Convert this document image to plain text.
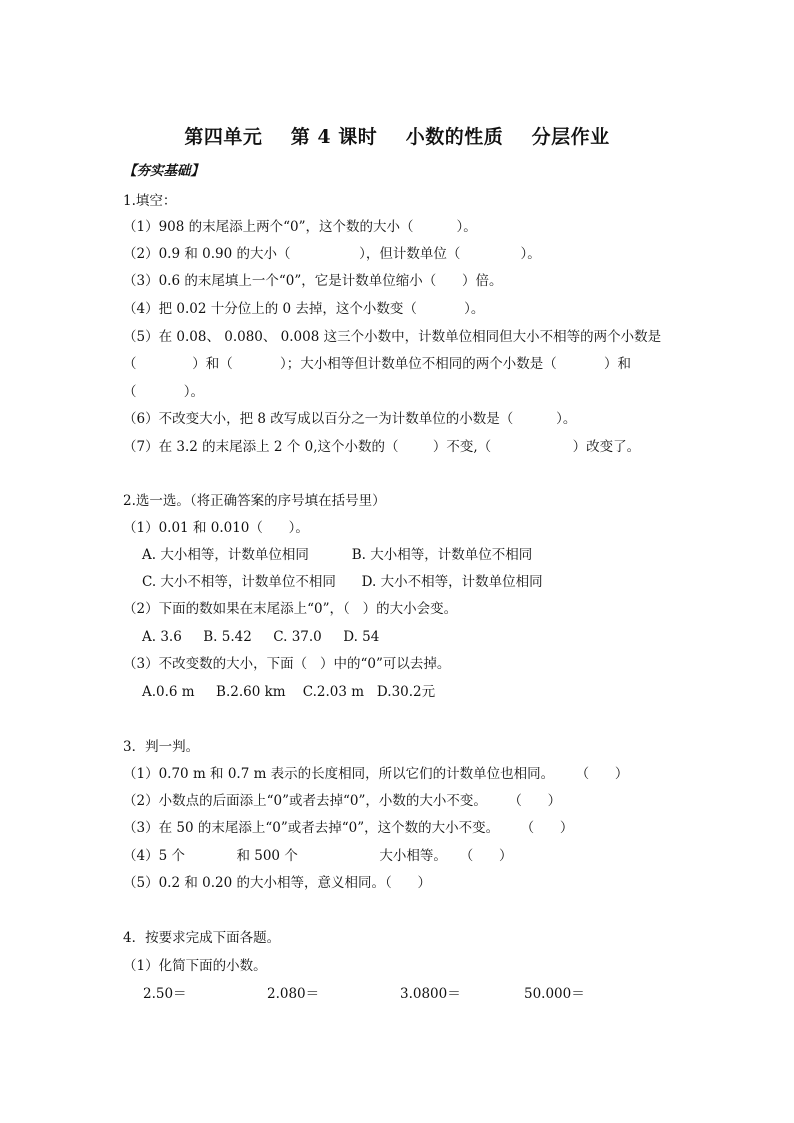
第四单元    第 4 课时    小数的性质    分层作业
【夯实基础】
1.填空：
（1）908 的末尾添上两个“0”，这个数的大小（          ）。
（2）0.9 和 0.90 的大小（                ），但计数单位（              ）。
（3）0.6 的末尾填上一个“0”，它是计数单位缩小（      ）倍。
（4）把 0.02 十分位上的 0 去掉，这个小数变（           ）。
（5）在 0.08、 0.080、 0.008 这三个小数中，计数单位相同但大小不相等的两个小数是
（             ）和（           ）；大小相等但计数单位不相同的两个小数是（           ）和
（           ）。
（6）不改变大小，把 8 改写成以百分之一为计数单位的小数是（          ）。
（7）在 3.2 的末尾添上 2 个 0,这个小数的（        ）不变,（                   ）改变了。
2.选一选。（将正确答案的序号填在括号里）
（1）0.01 和 0.010（      ）。
A. 大小相等，计数单位相同          B. 大小相等，计数单位不相同
C. 大小不相等，计数单位不相同      D. 大小不相等，计数单位相同
（2）下面的数如果在末尾添上“0”，（   ）的大小会变。
A. 3.6     B. 5.42     C. 37.0     D. 54
（3）不改变数的大小，下面（   ）中的“0”可以去掉。
A.0.6 m     B.2.60 km    C.2.03 m   D.30.2元
3．判一判。
（1）0.70 m 和 0.7 m 表示的长度相同，所以它们的计数单位也相同。     （      ）
（2）小数点的后面添上“0”或者去掉“0”，小数的大小不变。     （      ）
（3）在 50 的末尾添上“0”或者去掉“0”，这个数的大小不变。     （      ）
（4）5 个            和 500 个                   大小相等。   （      ）
（5）0.2 和 0.20 的大小相等，意义相同。（      ）
4．按要求完成下面各题。
（1）化简下面的小数。
2.50＝	2.080＝	3.0800＝	50.000＝
